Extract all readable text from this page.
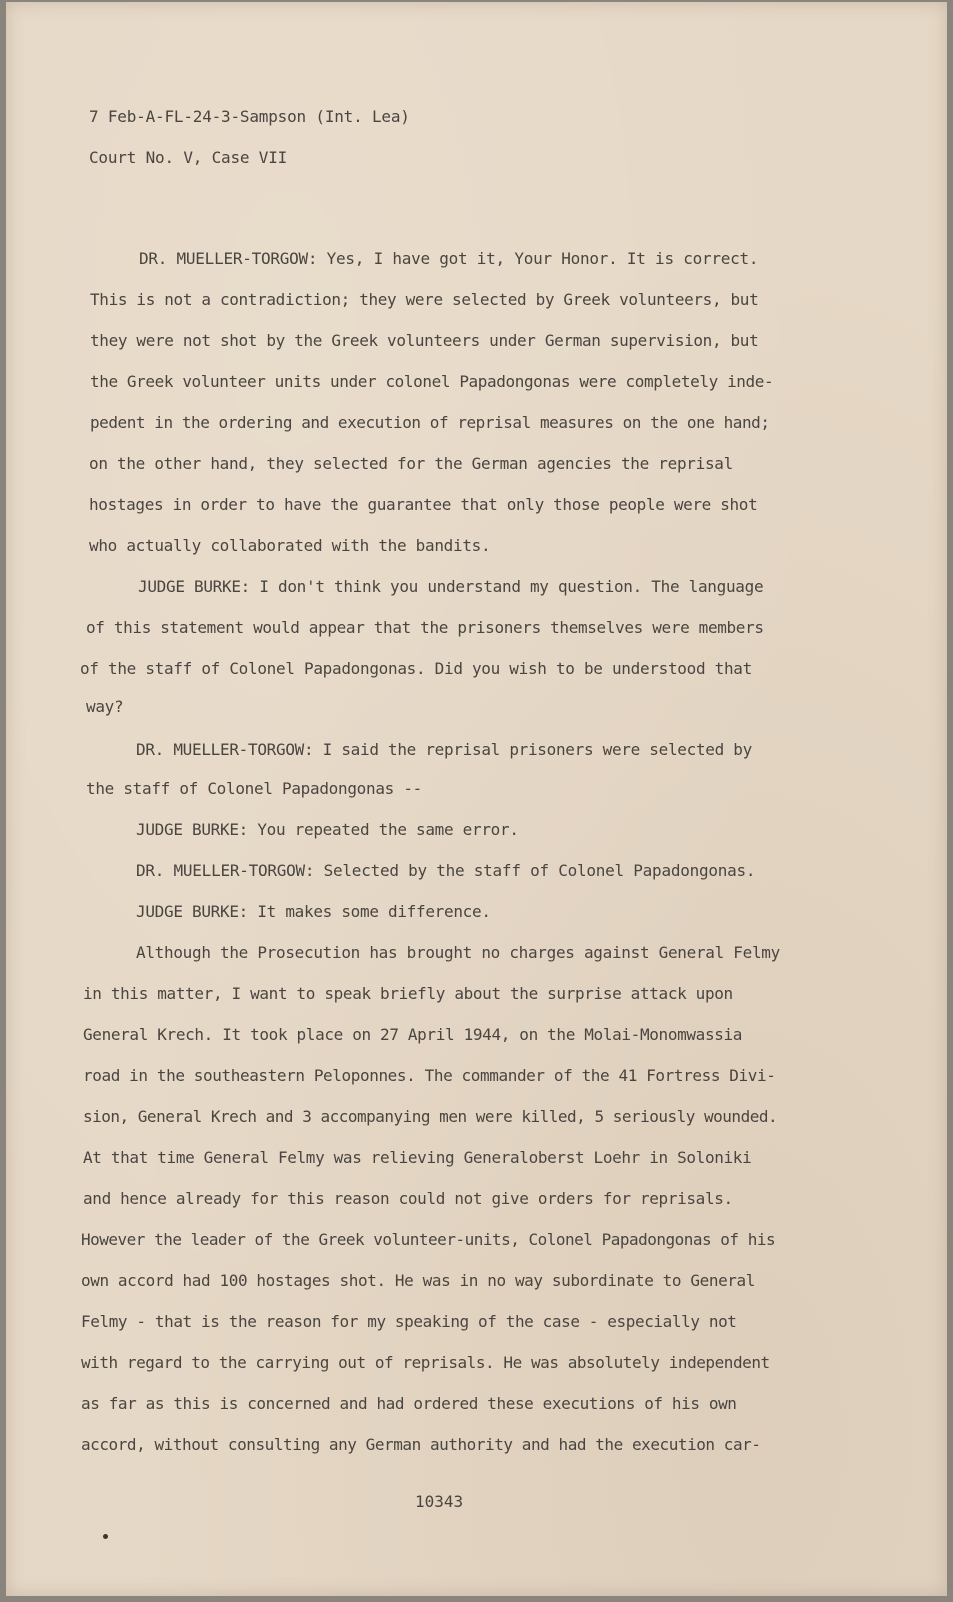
7 Feb-A-FL-24-3-Sampson (Int. Lea)
Court No. V, Case VII
DR. MUELLER-TORGOW: Yes, I have got it, Your Honor. It is correct.
This is not a contradiction; they were selected by Greek volunteers, but
they were not shot by the Greek volunteers under German supervision, but
the Greek volunteer units under colonel Papadongonas were completely inde-
pedent in the ordering and execution of reprisal measures on the one hand;
on the other hand, they selected for the German agencies the reprisal
hostages in order to have the guarantee that only those people were shot
who actually collaborated with the bandits.
JUDGE BURKE: I don't think you understand my question. The language
of this statement would appear that the prisoners themselves were members
of the staff of Colonel Papadongonas. Did you wish to be understood that
way?
DR. MUELLER-TORGOW: I said the reprisal prisoners were selected by
the staff of Colonel Papadongonas --
JUDGE BURKE: You repeated the same error.
DR. MUELLER-TORGOW: Selected by the staff of Colonel Papadongonas.
JUDGE BURKE: It makes some difference.
Although the Prosecution has brought no charges against General Felmy
in this matter, I want to speak briefly about the surprise attack upon
General Krech. It took place on 27 April 1944, on the Molai-Monomwassia
road in the southeastern Peloponnes. The commander of the 41 Fortress Divi-
sion, General Krech and 3 accompanying men were killed, 5 seriously wounded.
At that time General Felmy was relieving Generaloberst Loehr in Soloniki
and hence already for this reason could not give orders for reprisals.
However the leader of the Greek volunteer-units, Colonel Papadongonas of his
own accord had 100 hostages shot. He was in no way subordinate to General
Felmy - that is the reason for my speaking of the case - especially not
with regard to the carrying out of reprisals. He was absolutely independent
as far as this is concerned and had ordered these executions of his own
accord, without consulting any German authority and had the execution car-
10343
